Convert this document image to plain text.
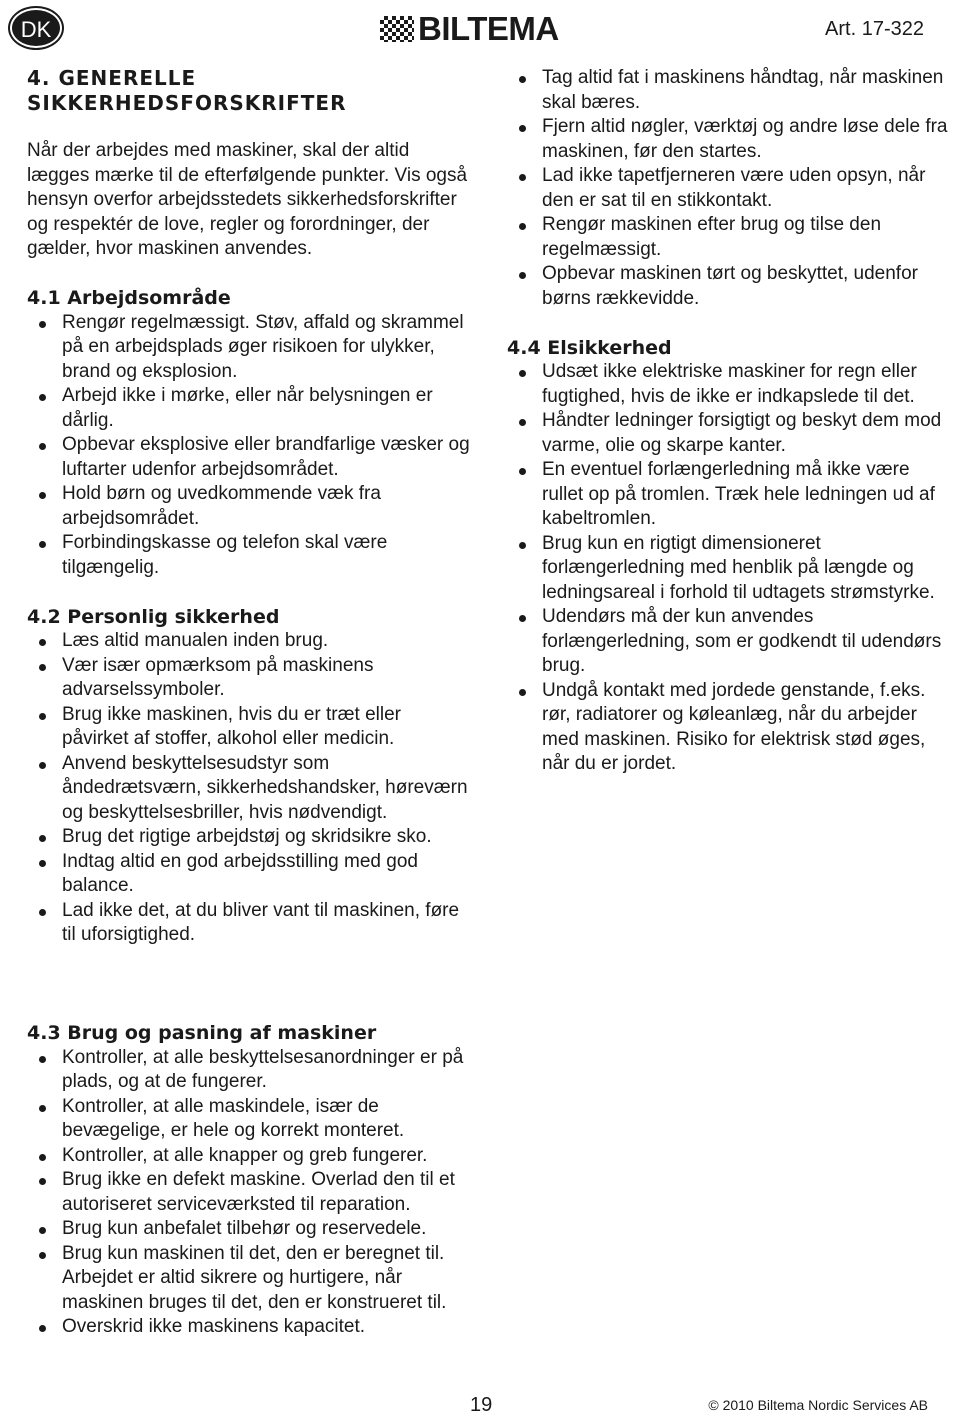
DK	BILTEMA	Art. 17-322
4. GENERELLE
SIKKERHEDSFORSKRIFTER

Når der arbejdes med maskiner, skal der altid lægges mærke til de efterfølgende punkter. Vis også hensyn overfor arbejdsstedets sikkerhedsforskrifter og respektér de love, regler og forordninger, der gælder, hvor maskinen anvendes.

4.1 Arbejdsområde
Rengør regelmæssigt. Støv, affald og skrammel på en arbejdsplads øger risikoen for ulykker, brand og eksplosion.
Arbejd ikke i mørke, eller når belysningen er dårlig.
Opbevar eksplosive eller brandfarlige væsker og luftarter udenfor arbejdsområdet.
Hold børn og uvedkommende væk fra arbejdsområdet.
Forbindingskasse og telefon skal være tilgængelig.
4.2 Personlig sikkerhed
Læs altid manualen inden brug.
Vær især opmærksom på maskinens advarselssymboler.
Brug ikke maskinen, hvis du er træt eller påvirket af stoffer, alkohol eller medicin.
Anvend beskyttelsesudstyr som åndedrætsværn, sikkerhedshandsker, høreværn og beskyttelsesbriller, hvis nødvendigt.
Brug det rigtige arbejdstøj og skridsikre sko.
Indtag altid en god arbejdsstilling med god balance.
Lad ikke det, at du bliver vant til maskinen, føre til uforsigtighed.
4.3 Brug og pasning af maskiner
Kontroller, at alle beskyttelsesanordninger er på plads, og at de fungerer.
Kontroller, at alle maskindele, især de bevægelige, er hele og korrekt monteret.
Kontroller, at alle knapper og greb fungerer.
Brug ikke en defekt maskine. Overlad den til et autoriseret serviceværksted til reparation.
Brug kun anbefalet tilbehør og reservedele.
Brug kun maskinen til det, den er beregnet til. Arbejdet er altid sikrere og hurtigere, når maskinen bruges til det, den er konstrueret til.
Overskrid ikke maskinens kapacitet.
Tag altid fat i maskinens håndtag, når maskinen skal bæres.
Fjern altid nøgler, værktøj og andre løse dele fra maskinen, før den startes.
Lad ikke tapetfjerneren være uden opsyn, når den er sat til en stikkontakt.
Rengør maskinen efter brug og tilse den regelmæssigt.
Opbevar maskinen tørt og beskyttet, udenfor børns rækkevidde.
4.4 Elsikkerhed
Udsæt ikke elektriske maskiner for regn eller fugtighed, hvis de ikke er indkapslede til det.
Håndter ledninger forsigtigt og beskyt dem mod varme, olie og skarpe kanter.
En eventuel forlængerledning må ikke være rullet op på tromlen. Træk hele ledningen ud af kabeltromlen.
Brug kun en rigtigt dimensioneret forlængerledning med henblik på længde og ledningsareal i forhold til udtagets strømstyrke.
Udendørs må der kun anvendes forlængerledning, som er godkendt til udendørs brug.
Undgå kontakt med jordede genstande, f.eks. rør, radiatorer og køleanlæg, når du arbejder med maskinen. Risiko for elektrisk stød øges, når du er jordet.
19	© 2010 Biltema Nordic Services AB
